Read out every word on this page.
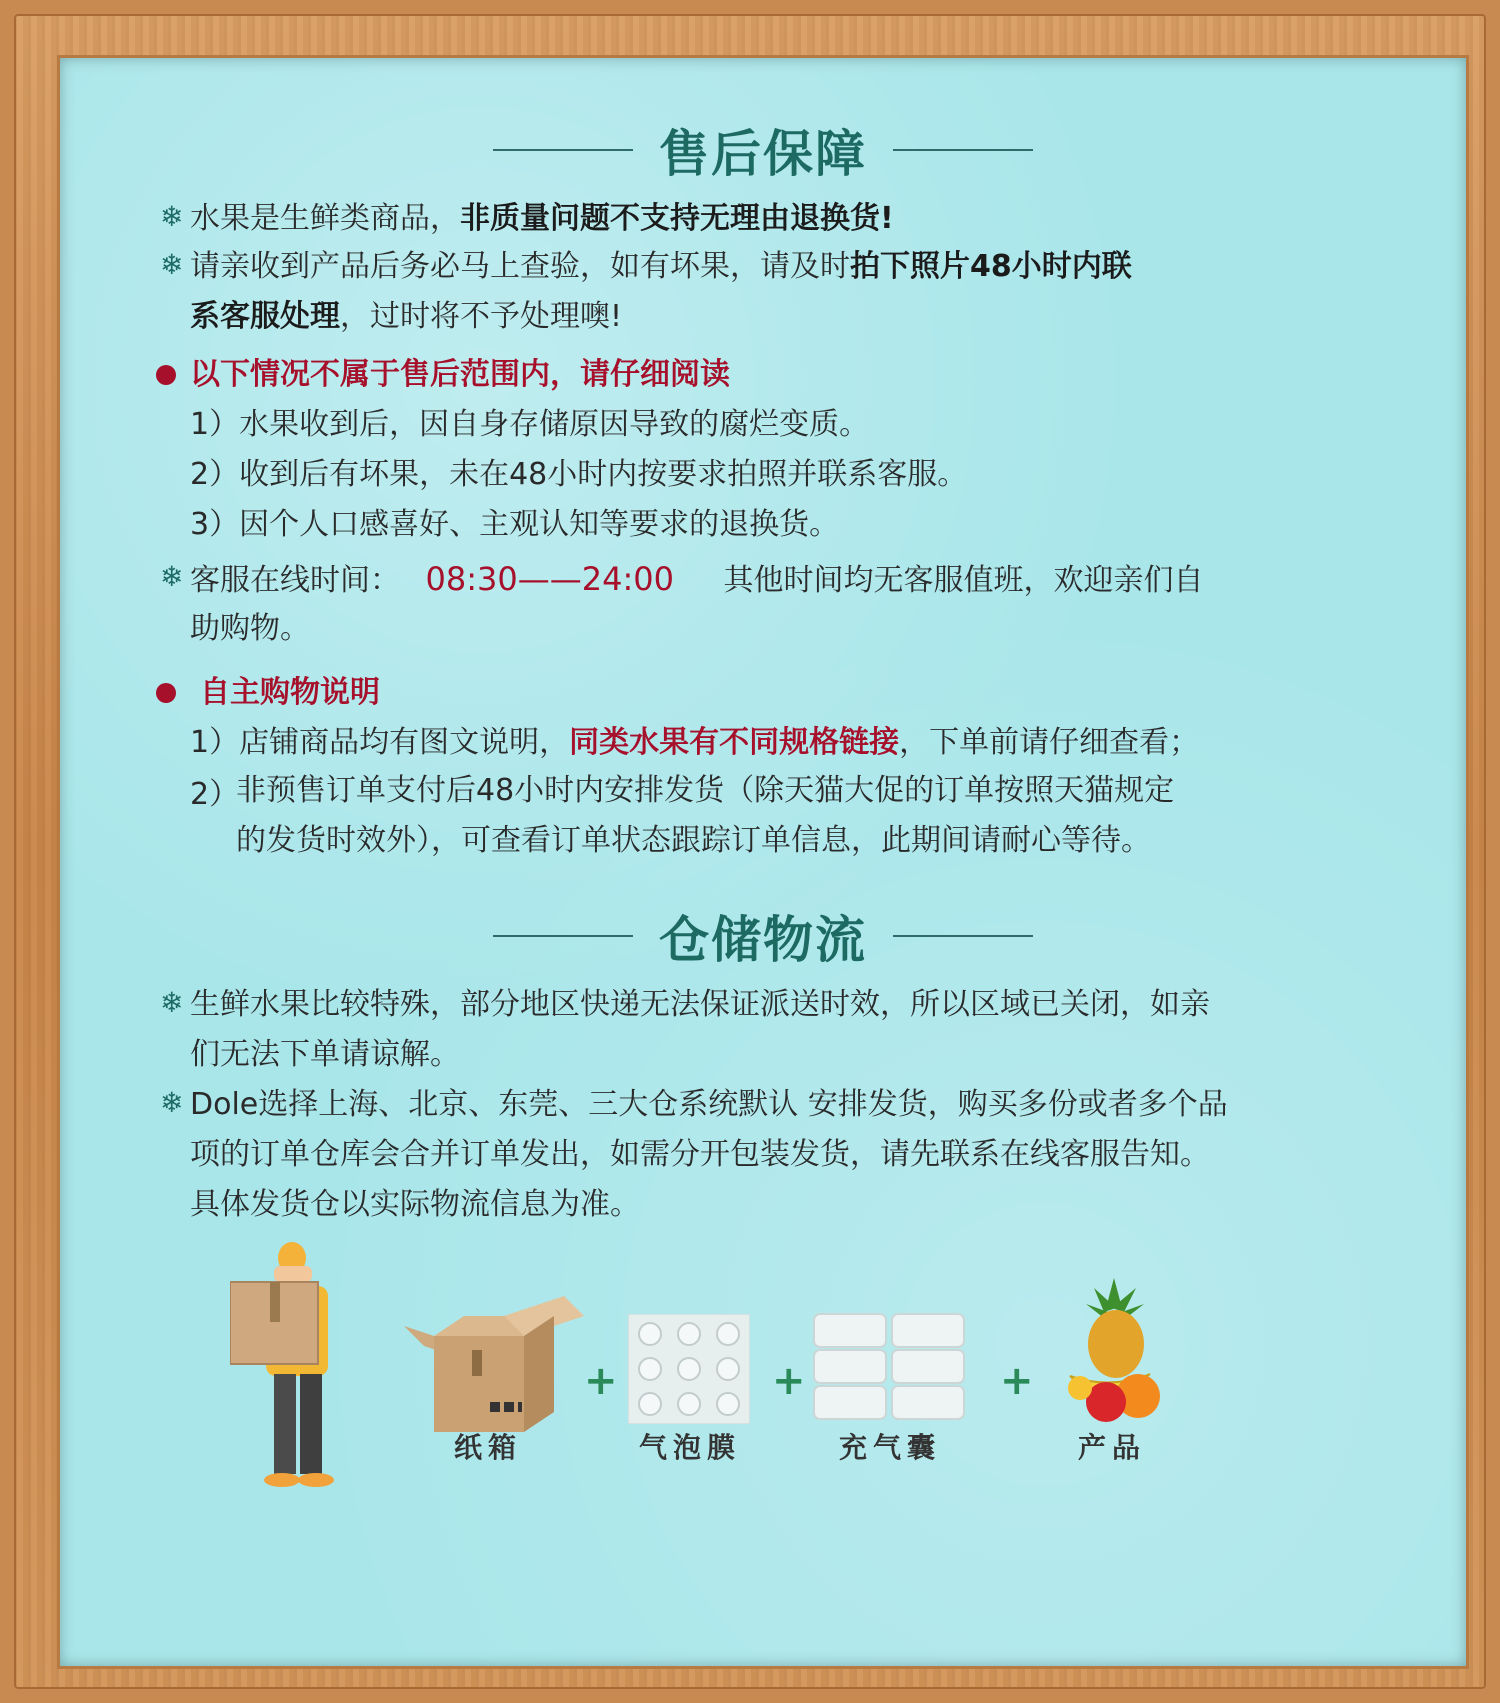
售后保障
❄ 水果是生鲜类商品，非质量问题不支持无理由退换货!
❄ 请亲收到产品后务必马上查验，如有坏果，请及时拍下照片48小时内联
系客服处理，过时将不予处理噢!
以下情况不属于售后范围内，请仔细阅读
1）水果收到后，因自身存储原因导致的腐烂变质。
2）收到后有坏果，未在48小时内按要求拍照并联系客服。
3）因个人口感喜好、主观认知等要求的退换货。
❄ 客服在线时间： 08:30——24:00 其他时间均无客服值班，欢迎亲们自
助购物。
自主购物说明
1）店铺商品均有图文说明，同类水果有不同规格链接，下单前请仔细查看；
2）
非预售订单支付后48小时内安排发货（除天猫大促的订单按照天猫规定
的发货时效外），可查看订单状态跟踪订单信息，此期间请耐心等待。
仓储物流
❄ 生鲜水果比较特殊，部分地区快递无法保证派送时效，所以区域已关闭，如亲
们无法下单请谅解。
❄ Dole选择上海、北京、东莞、三大仓系统默认 安排发货，购买多份或者多个品
项的订单仓库会合并订单发出，如需分开包装发货，请先联系在线客服告知。
具体发货仓以实际物流信息为准。
纸箱
+
气泡膜
+
充气囊
+
产品
